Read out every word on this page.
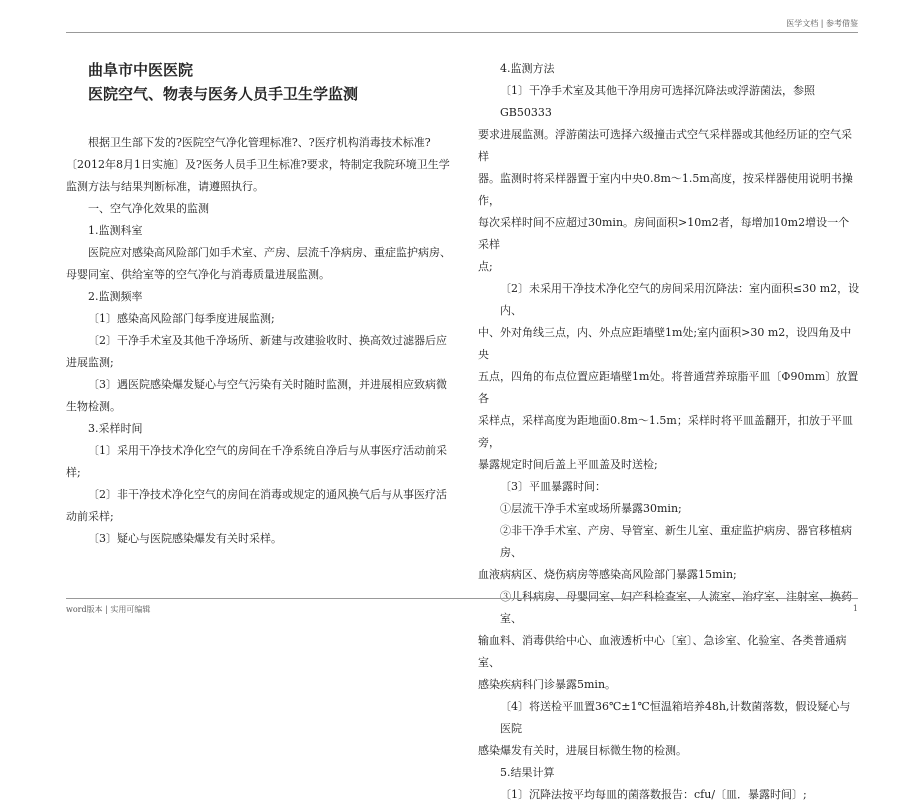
医学文档 | 参考借鉴

曲阜市中医医院

医院空气、物表与医务人员手卫生学监测

根据卫生部下发的?医院空气净化管理标准?、?医疗机构消毒技术标准?

〔2012年8月1日实施〕及?医务人员手卫生标准?要求，特制定我院环境卫生学

监测方法与结果判断标准，请遵照执行。

一、空气净化效果的监测

1.监测科室

医院应对感染高风险部门如手术室、产房、层流千净病房、重症监护病房、

母婴同室、供给室等的空气净化与消毒质量进展监测。

2.监测频率

〔1〕感染高风险部门每季度进展监测;

〔2〕干净手术室及其他千净场所、新建与改建验收时、换高效过滤器后应

进展监测;

〔3〕遇医院感染爆发疑心与空气污染有关时随时监测，并进展相应致病微

生物检测。

3.采样时间

〔1〕采用干净技术净化空气的房间在千净系统自净后与从事医疗活动前采

样;

〔2〕非干净技术净化空气的房间在消毒或规定的通风换气后与从事医疗活

动前采样;

〔3〕疑心与医院感染爆发有关时采样。

4.监测方法

〔1〕干净手术室及其他干净用房可选择沉降法或浮游菌法，参照GB50333

要求进展监测。浮游菌法可选择六级撞击式空气采样器或其他经历证的空气采样

器。监测时将采样器置于室内中央0.8m～1.5m高度，按采样器使用说明书操作，

每次采样时间不应超过30min。房间面积>10m2者，每增加10m2增设一个采样

点;

〔2〕未采用干净技术净化空气的房间采用沉降法：室内面积≤30 m2，设内、

中、外对角线三点，内、外点应距墙壁1m处;室内面积>30 m2，设四角及中央

五点，四角的布点位置应距墙壁1m处。将普通营养琼脂平皿〔Φ90mm〕放置各

采样点，采样高度为距地面0.8m～1.5m；采样时将平皿盖翻开，扣放于平皿旁，

暴露规定时间后盖上平皿盖及时送检;

〔3〕平皿暴露时间：

①层流干净手术室或场所暴露30min;

②非干净手术室、产房、导管室、新生儿室、重症监护病房、器官移植病房、

血液病病区、烧伤病房等感染高风险部门暴露15min;

③儿科病房、母婴同室、妇产科检查室、人流室、治疗室、注射室、换药室、

输血料、消毒供给中心、血液透析中心〔室〕、急诊室、化验室、各类普通病室、

感染疾病科门诊暴露5min。

〔4〕将送检平皿置36℃±1℃恒温箱培养48h,计数菌落数，假设疑心与医院

感染爆发有关时，进展目标微生物的检测。

5.结果计算

〔1〕沉降法按平均每皿的菌落数报告：cfu/〔皿．暴露时间〕;

word版本 | 实用可编辑	1
